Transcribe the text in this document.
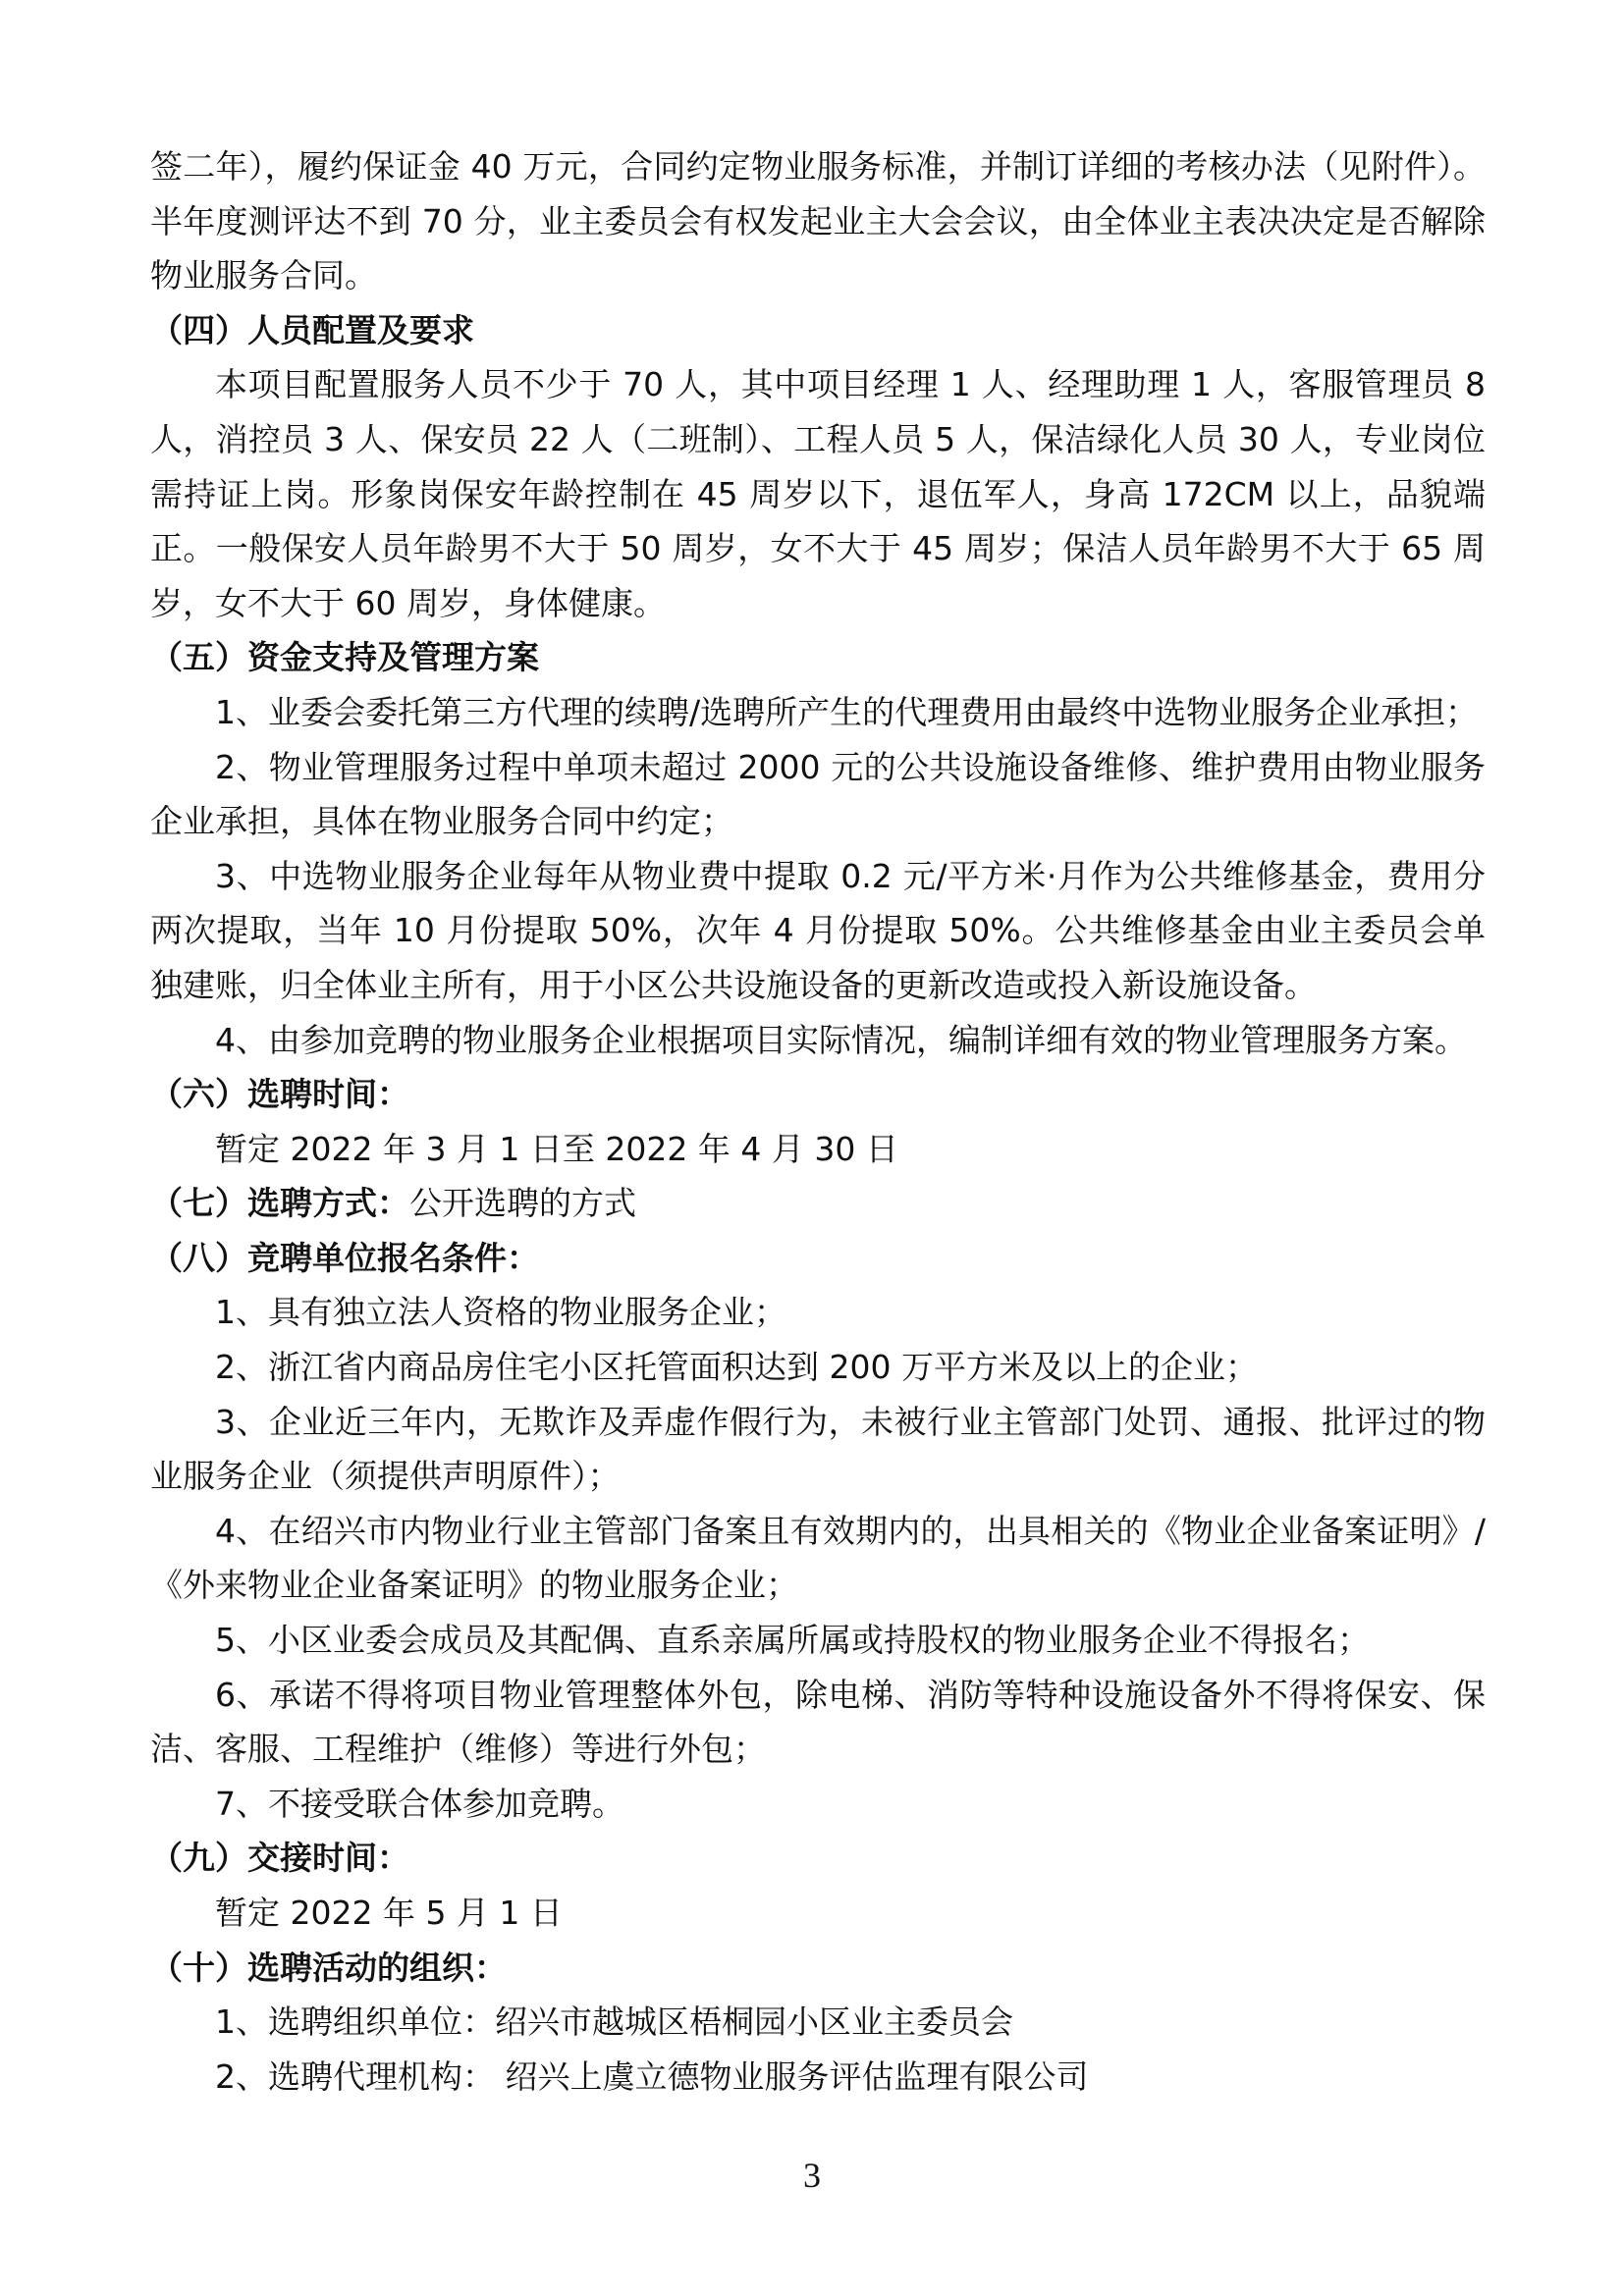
签二年），履约保证金 40 万元，合同约定物业服务标准，并制订详细的考核办法（见附件）。半年度测评达不到 70 分，业主委员会有权发起业主大会会议，由全体业主表决决定是否解除物业服务合同。

（四）人员配置及要求

本项目配置服务人员不少于 70 人，其中项目经理 1 人、经理助理 1 人，客服管理员 8 人，消控员 3 人、保安员 22 人（二班制）、工程人员 5 人，保洁绿化人员 30 人，专业岗位需持证上岗。形象岗保安年龄控制在 45 周岁以下，退伍军人，身高 172CM 以上，品貌端正。一般保安人员年龄男不大于 50 周岁，女不大于 45 周岁；保洁人员年龄男不大于 65 周岁，女不大于 60 周岁，身体健康。

（五）资金支持及管理方案

1、业委会委托第三方代理的续聘/选聘所产生的代理费用由最终中选物业服务企业承担；

2、物业管理服务过程中单项未超过 2000 元的公共设施设备维修、维护费用由物业服务企业承担，具体在物业服务合同中约定；

3、中选物业服务企业每年从物业费中提取 0.2 元/平方米·月作为公共维修基金，费用分两次提取，当年 10 月份提取 50%，次年 4 月份提取 50%。公共维修基金由业主委员会单独建账，归全体业主所有，用于小区公共设施设备的更新改造或投入新设施设备。

4、由参加竞聘的物业服务企业根据项目实际情况，编制详细有效的物业管理服务方案。

（六）选聘时间：

暂定 2022 年 3 月 1 日至 2022 年 4 月 30 日

（七）选聘方式：公开选聘的方式

（八）竞聘单位报名条件：

1、具有独立法人资格的物业服务企业；

2、浙江省内商品房住宅小区托管面积达到 200 万平方米及以上的企业；

3、企业近三年内，无欺诈及弄虚作假行为，未被行业主管部门处罚、通报、批评过的物业服务企业（须提供声明原件）；

4、在绍兴市内物业行业主管部门备案且有效期内的，出具相关的《物业企业备案证明》/《外来物业企业备案证明》的物业服务企业；

5、小区业委会成员及其配偶、直系亲属所属或持股权的物业服务企业不得报名；

6、承诺不得将项目物业管理整体外包，除电梯、消防等特种设施设备外不得将保安、保洁、客服、工程维护（维修）等进行外包；

7、不接受联合体参加竞聘。

（九）交接时间：

暂定 2022 年 5 月 1 日

（十）选聘活动的组织：

1、选聘组织单位：绍兴市越城区梧桐园小区业主委员会

2、选聘代理机构： 绍兴上虞立德物业服务评估监理有限公司

3
